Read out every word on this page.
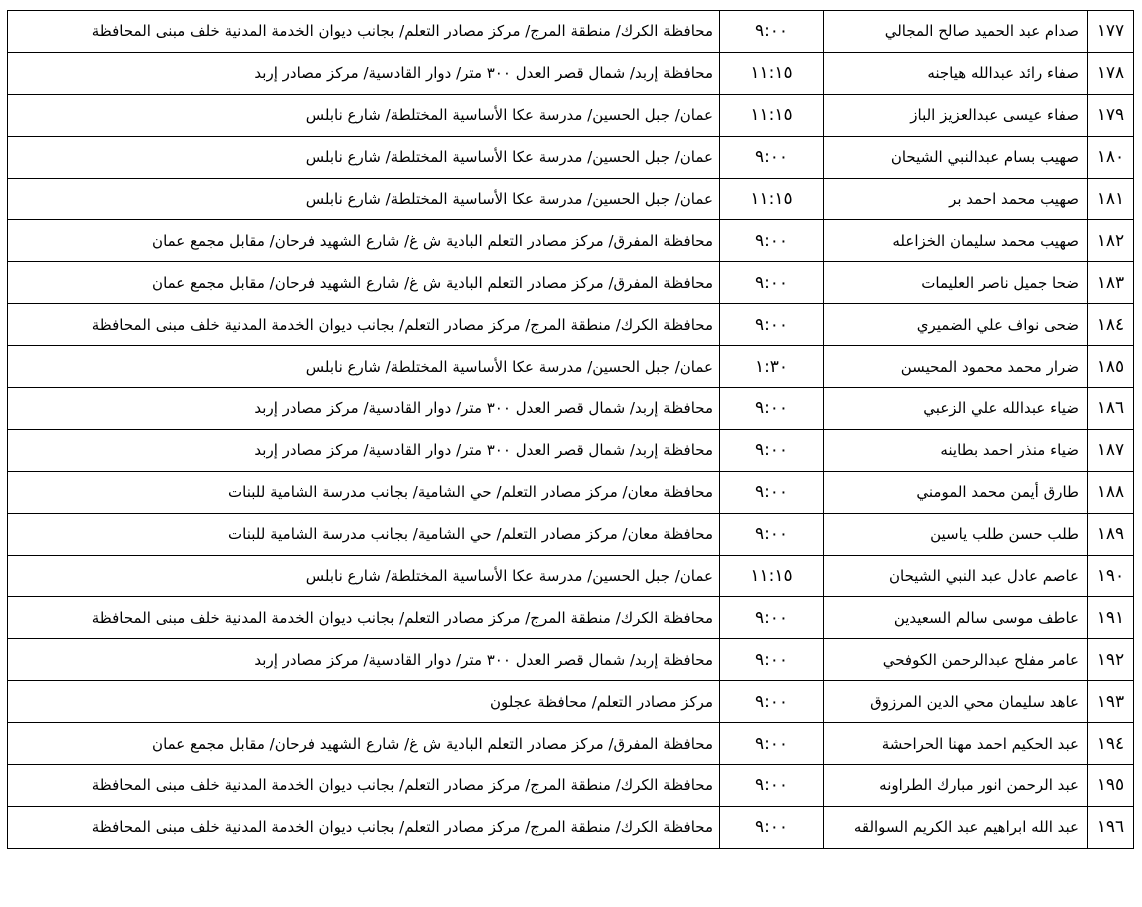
١٧٧	صدام عبد الحميد صالح المجالي	٩:٠٠	محافظة الكرك/ منطقة المرج/ مركز مصادر التعلم/ بجانب ديوان الخدمة المدنية خلف مبنى المحافظة
١٧٨	صفاء رائد عبدالله هياجنه	١١:١٥	محافظة إربد/ شمال قصر العدل ٣٠٠ متر/ دوار القادسية/ مركز مصادر إربد
١٧٩	صفاء عيسى عبدالعزيز الباز	١١:١٥	عمان/ جبل الحسين/ مدرسة عكا الأساسية المختلطة/ شارع نابلس
١٨٠	صهيب بسام عبدالنبي الشيحان	٩:٠٠	عمان/ جبل الحسين/ مدرسة عكا الأساسية المختلطة/ شارع نابلس
١٨١	صهيب محمد احمد بر	١١:١٥	عمان/ جبل الحسين/ مدرسة عكا الأساسية المختلطة/ شارع نابلس
١٨٢	صهيب محمد سليمان الخزاعله	٩:٠٠	محافظة المفرق/ مركز مصادر التعلم البادية ش غ/ شارع الشهيد فرحان/ مقابل مجمع عمان
١٨٣	ضحا جميل ناصر العليمات	٩:٠٠	محافظة المفرق/ مركز مصادر التعلم البادية ش غ/ شارع الشهيد فرحان/ مقابل مجمع عمان
١٨٤	ضحى نواف علي الضميري	٩:٠٠	محافظة الكرك/ منطقة المرج/ مركز مصادر التعلم/ بجانب ديوان الخدمة المدنية خلف مبنى المحافظة
١٨٥	ضرار محمد محمود المحيسن	١:٣٠	عمان/ جبل الحسين/ مدرسة عكا الأساسية المختلطة/ شارع نابلس
١٨٦	ضياء عبدالله علي الزعبي	٩:٠٠	محافظة إربد/ شمال قصر العدل ٣٠٠ متر/ دوار القادسية/ مركز مصادر إربد
١٨٧	ضياء منذر احمد بطاينه	٩:٠٠	محافظة إربد/ شمال قصر العدل ٣٠٠ متر/ دوار القادسية/ مركز مصادر إربد
١٨٨	طارق أيمن محمد المومني	٩:٠٠	محافظة معان/ مركز مصادر التعلم/ حي الشامية/ بجانب مدرسة الشامية للبنات
١٨٩	طلب حسن طلب ياسين	٩:٠٠	محافظة معان/ مركز مصادر التعلم/ حي الشامية/ بجانب مدرسة الشامية للبنات
١٩٠	عاصم عادل عبد النبي الشيحان	١١:١٥	عمان/ جبل الحسين/ مدرسة عكا الأساسية المختلطة/ شارع نابلس
١٩١	عاطف موسى سالم السعيدين	٩:٠٠	محافظة الكرك/ منطقة المرج/ مركز مصادر التعلم/ بجانب ديوان الخدمة المدنية خلف مبنى المحافظة
١٩٢	عامر مفلح عبدالرحمن الكوفحي	٩:٠٠	محافظة إربد/ شمال قصر العدل ٣٠٠ متر/ دوار القادسية/ مركز مصادر إربد
١٩٣	عاهد سليمان محي الدين المرزوق	٩:٠٠	مركز مصادر التعلم/ محافظة عجلون
١٩٤	عبد الحكيم احمد مهنا الحراحشة	٩:٠٠	محافظة المفرق/ مركز مصادر التعلم البادية ش غ/ شارع الشهيد فرحان/ مقابل مجمع عمان
١٩٥	عبد الرحمن انور مبارك الطراونه	٩:٠٠	محافظة الكرك/ منطقة المرج/ مركز مصادر التعلم/ بجانب ديوان الخدمة المدنية خلف مبنى المحافظة
١٩٦	عبد الله ابراهيم عبد الكريم السوالقه	٩:٠٠	محافظة الكرك/ منطقة المرج/ مركز مصادر التعلم/ بجانب ديوان الخدمة المدنية خلف مبنى المحافظة
